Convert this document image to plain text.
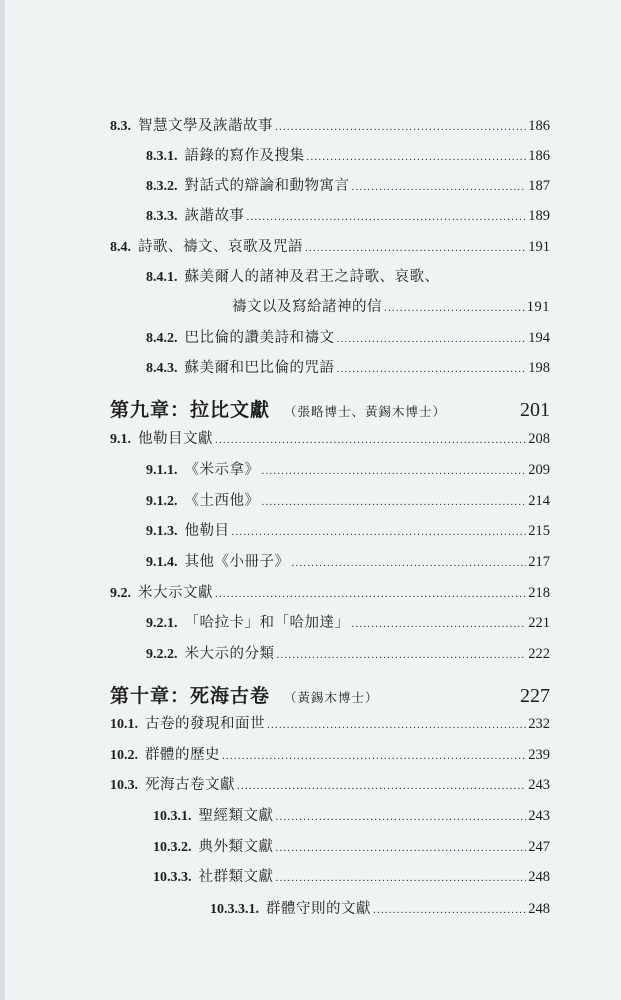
8.3. 智慧文學及詼諧故事 .....	186
8.3.1. 語錄的寫作及搜集 .....	186
8.3.2. 對話式的辯論和動物寓言 .....	187
8.3.3. 詼諧故事 .....	189
8.4. 詩歌、禱文、哀歌及咒語 .....	191
8.4.1. 蘇美爾人的諸神及君王之詩歌、哀歌、
禱文以及寫給諸神的信 .....	191
8.4.2. 巴比倫的讚美詩和禱文 .....	194
8.4.3. 蘇美爾和巴比倫的咒語 .....	198
第九章：拉比文獻 （張略博士、黃錫木博士）	201
9.1. 他勒目文獻 .....	208
9.1.1. 《米示拿》 .....	209
9.1.2. 《土西他》 .....	214
9.1.3. 他勒目 .....	215
9.1.4. 其他《小冊子》 .....	217
9.2. 米大示文獻 .....	218
9.2.1. 「哈拉卡」和「哈加達」 .....	221
9.2.2. 米大示的分類 .....	222
第十章：死海古卷 （黃錫木博士）	227
10.1. 古卷的發現和面世 .....	232
10.2. 群體的歷史 .....	239
10.3. 死海古卷文獻 .....	243
10.3.1. 聖經類文獻 .....	243
10.3.2. 典外類文獻 .....	247
10.3.3. 社群類文獻 .....	248
10.3.3.1. 群體守則的文獻 .....	248
